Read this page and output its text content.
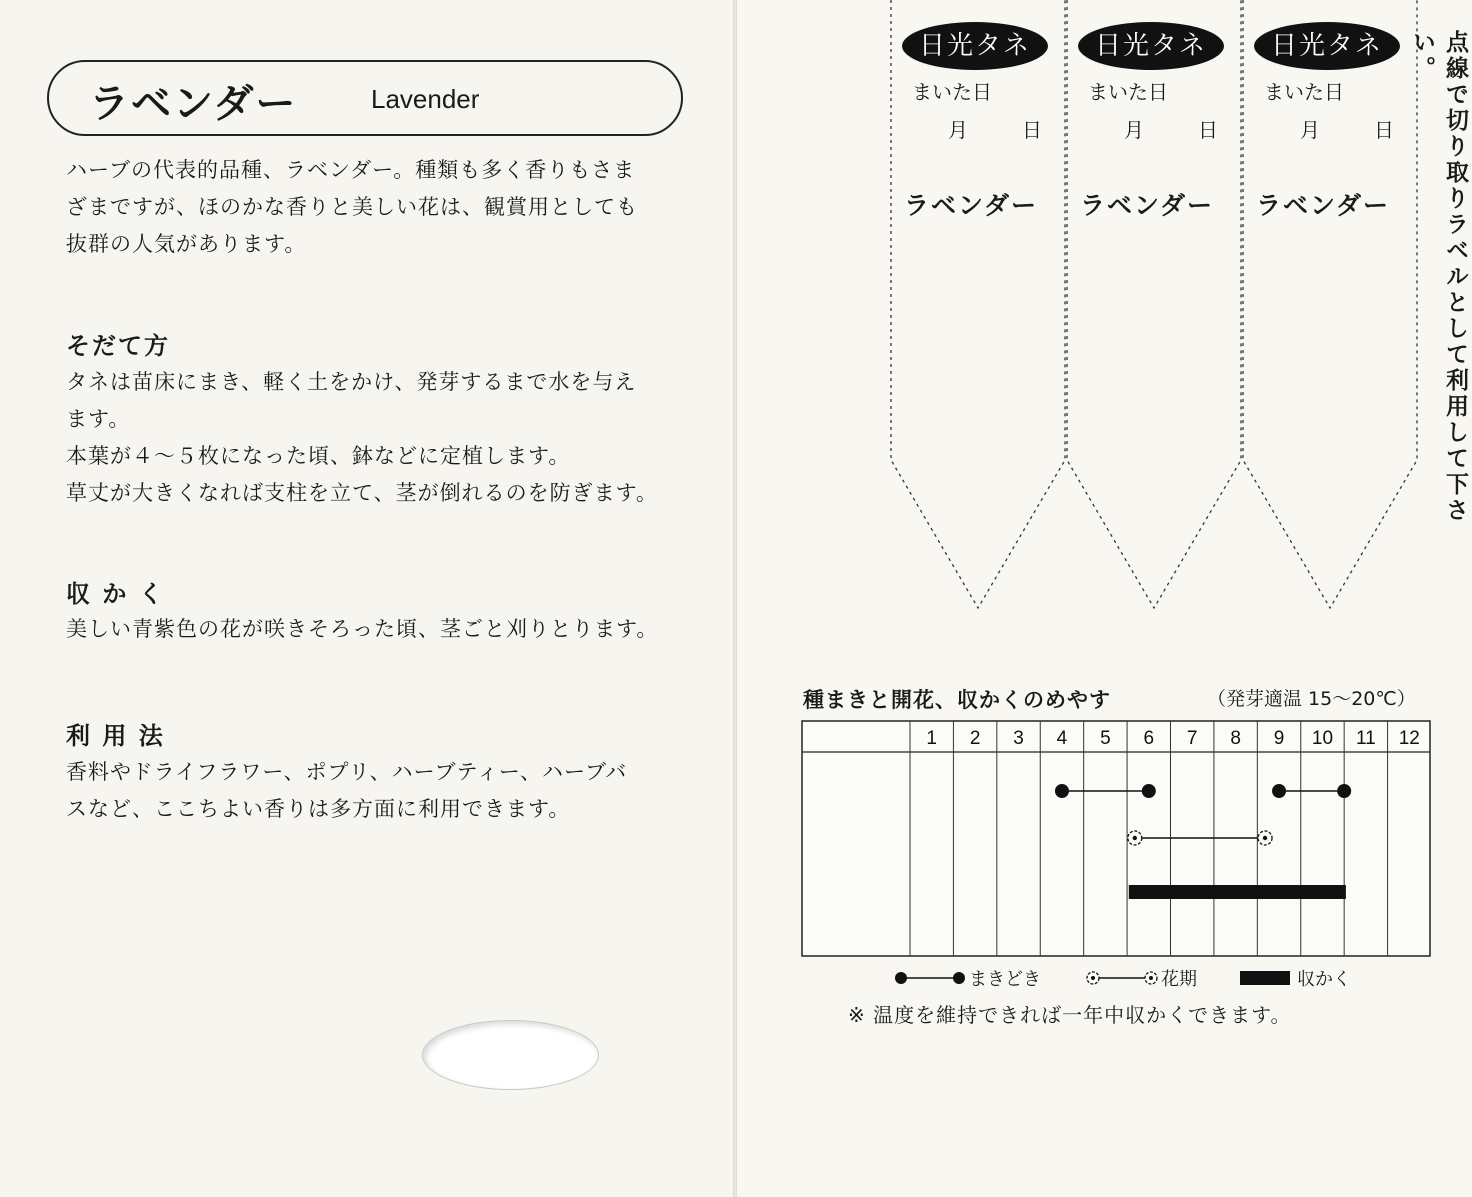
ラベンダー	Lavender
ハーブの代表的品種、ラベンダー。種類も多く香りもさま
ざまですが、ほのかな香りと美しい花は、観賞用としても
抜群の人気があります。
そだて方
タネは苗床にまき、軽く土をかけ、発芽するまで水を与え
ます。
本葉が４～５枚になった頃、鉢などに定植します。
草丈が大きくなれば支柱を立て、茎が倒れるのを防ぎます。
収 か く
美しい青紫色の花が咲きそろった頃、茎ごと刈りとります。
利 用 法
香料やドライフラワー、ポプリ、ハーブティー、ハーブバ
スなど、ここちよい香りは多方面に利用できます。
日光タネ
まいた日
月	日
ラベンダー
日光タネ
まいた日
月	日
ラベンダー
日光タネ
まいた日
月	日
ラベンダー	点線で切り取りラベルとして利用して下さい。
種まきと開花、収かくのめやす	（発芽適温 15～20℃）
1 2 3 4 5 6 7 8 9 10 11 12
まきどき	花期	収かく
※ 温度を維持できれば一年中収かくできます。
